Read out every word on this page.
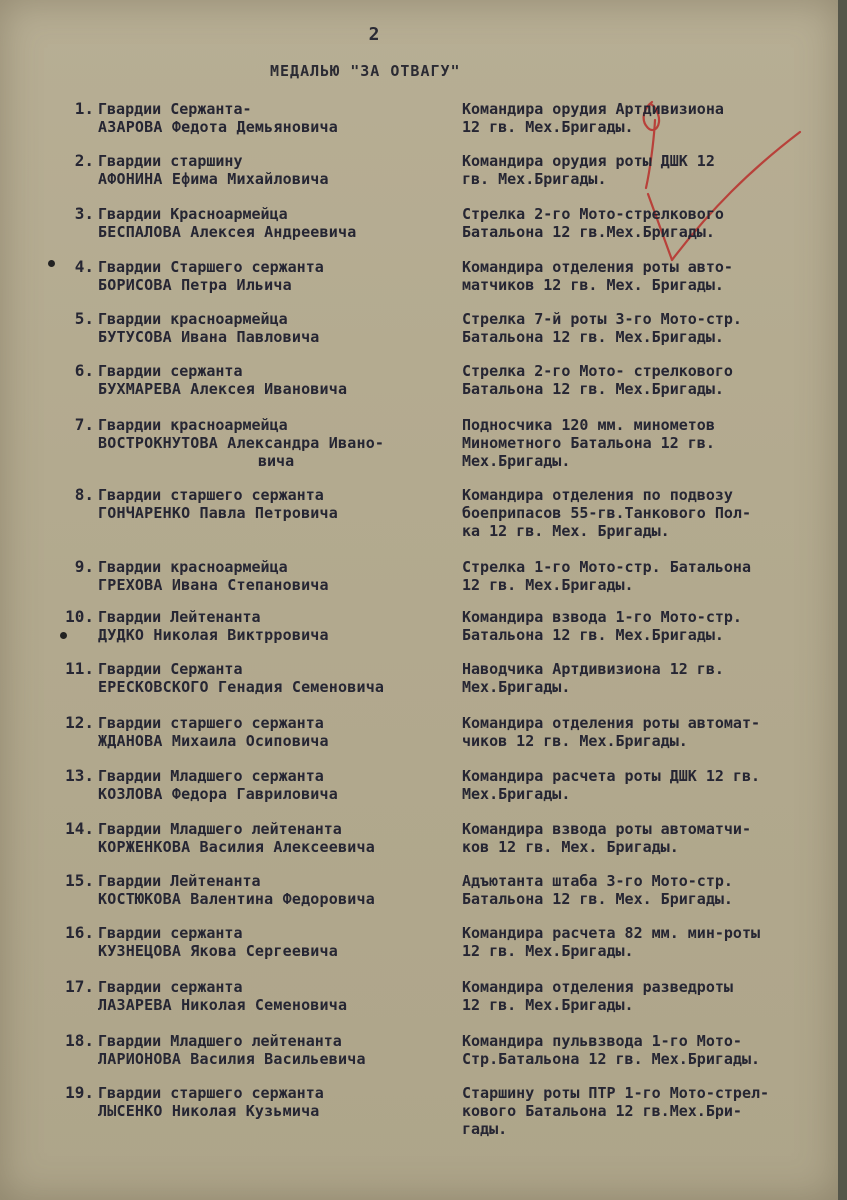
2
МЕДАЛЬЮ "ЗА ОТВАГУ"
1. Гвардии Сержанта-
АЗАРОВА Федота Демьяновича
Командира орудия Артдивизиона
12 гв. Мех.Бригады.
2. Гвардии старшину
АФОНИНА Ефима Михайловича
Командира орудия роты ДШК 12
гв. Мех.Бригады.
3. Гвардии Красноармейца
БЕСПАЛОВА Алексея Андреевича
Стрелка 2-го Мото-стрелкового
Батальона 12 гв.Мех.Бригады.
4. Гвардии Старшего сержанта
БОРИСОВА Петра Ильича
Командира отделения роты авто-
матчиков 12 гв. Мех. Бригады.
5. Гвардии красноармейца
БУТУСОВА Ивана Павловича
Стрелка 7-й роты 3-го Мото-стр.
Батальона 12 гв. Мех.Бригады.
6. Гвардии сержанта
БУХМАРЕВА Алексея Ивановича
Стрелка 2-го Мото- стрелкового
Батальона 12 гв. Мех.Бригады.
7. Гвардии красноармейца
ВОСТРОКНУТОВА Александра Ивано-
вича
Подносчика 120 мм. минометов
Минометного Батальона 12 гв.
Мех.Бригады.
8. Гвардии старшего сержанта
ГОНЧАРЕНКО Павла Петровича
Командира отделения по подвозу
боеприпасов 55-гв.Танкового Пол-
ка 12 гв. Мех. Бригады.
9. Гвардии красноармейца
ГРЕХОВА Ивана Степановича
Стрелка 1-го Мото-стр. Батальона
12 гв. Мех.Бригады.
10. Гвардии Лейтенанта
ДУДКО Николая Виктрровича
Командира взвода 1-го Мото-стр.
Батальона 12 гв. Мех.Бригады.
11. Гвардии Сержанта
ЕРЕСКОВСКОГО Генадия Семеновича
Наводчика Артдивизиона 12 гв.
Мех.Бригады.
12. Гвардии старшего сержанта
ЖДАНОВА Михаила Осиповича
Командира отделения роты автомат-
чиков 12 гв. Мех.Бригады.
13. Гвардии Младшего сержанта
КОЗЛОВА Федора Гавриловича
Командира расчета роты ДШК 12 гв.
Мех.Бригады.
14. Гвардии Младшего лейтенанта
КОРЖЕНКОВА Василия Алексеевича
Командира взвода роты автоматчи-
ков 12 гв. Мех. Бригады.
15. Гвардии Лейтенанта
КОСТЮКОВА Валентина Федоровича
Адъютанта штаба 3-го Мото-стр.
Батальона 12 гв. Мех. Бригады.
16. Гвардии сержанта
КУЗНЕЦОВА Якова Сергеевича
Командира расчета 82 мм. мин-роты
12 гв. Мех.Бригады.
17. Гвардии сержанта
ЛАЗАРЕВА Николая Семеновича
Командира отделения разведроты
12 гв. Мех.Бригады.
18. Гвардии Младшего лейтенанта
ЛАРИОНОВА Василия Васильевича
Командира пульвзвода 1-го Мото-
Стр.Батальона 12 гв. Мех.Бригады.
19. Гвардии старшего сержанта
ЛЫСЕНКО Николая Кузьмича
Старшину роты ПТР 1-го Мото-стрел-
кового Батальона 12 гв.Мех.Бри-
гады.
